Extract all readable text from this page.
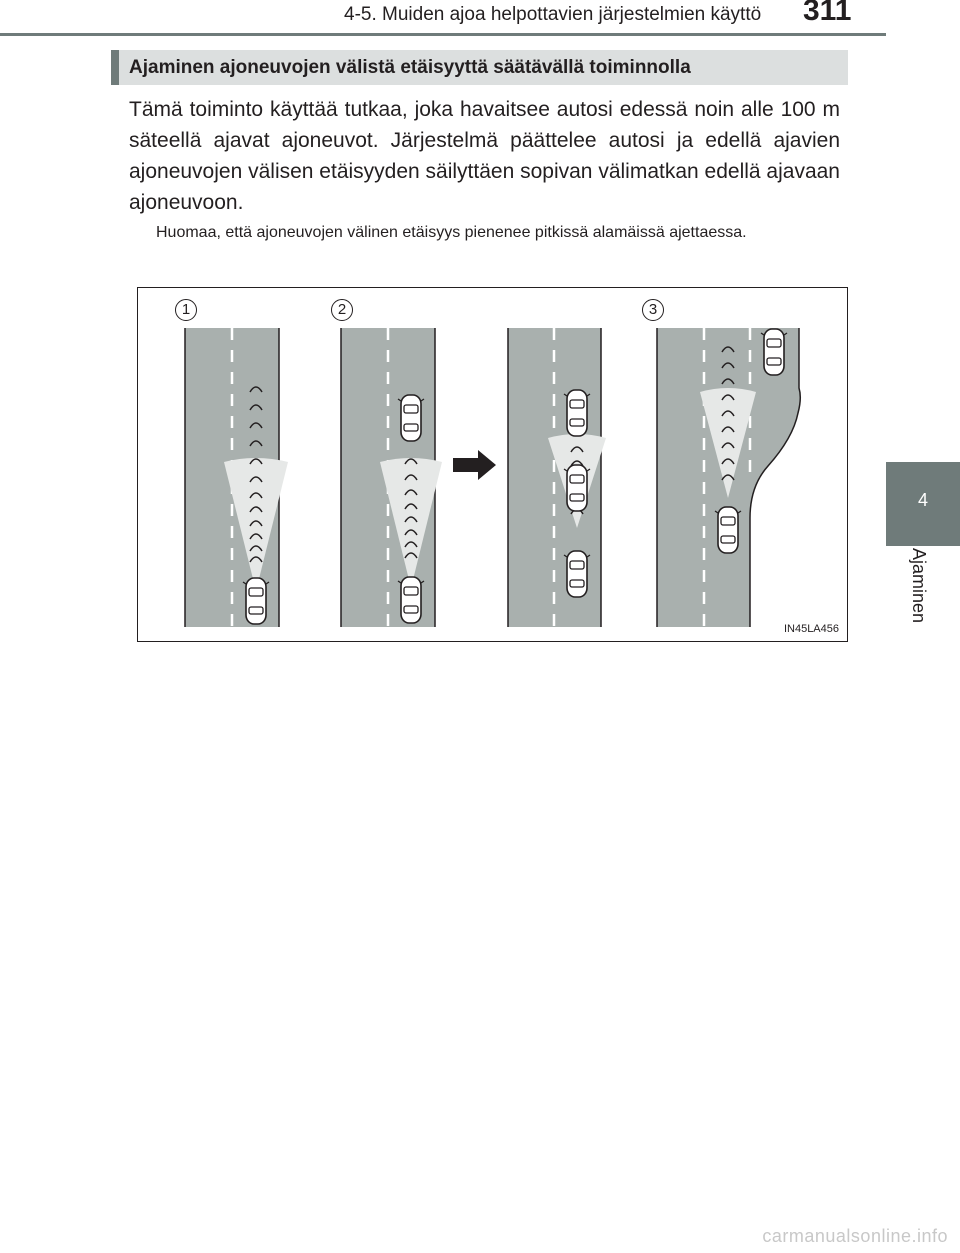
4-5. Muiden ajoa helpottavien järjestelmien käyttö 311
4
Ajaminen
Ajaminen ajoneuvojen välistä etäisyyttä säätävällä toiminnolla
Tämä toiminto käyttää tutkaa, joka havaitsee autosi edessä noin alle 100 m säteellä ajavat ajoneuvot. Järjestelmä päättelee autosi ja edellä ajavien ajoneuvojen välisen etäisyyden säilyttäen sopivan välimatkan edellä ajavaan ajoneuvoon.
Huomaa, että ajoneuvojen välinen etäisyys pienenee pitkissä alamäissä ajettaessa.
1	2	3
IN45LA456
carmanualsonline.info
